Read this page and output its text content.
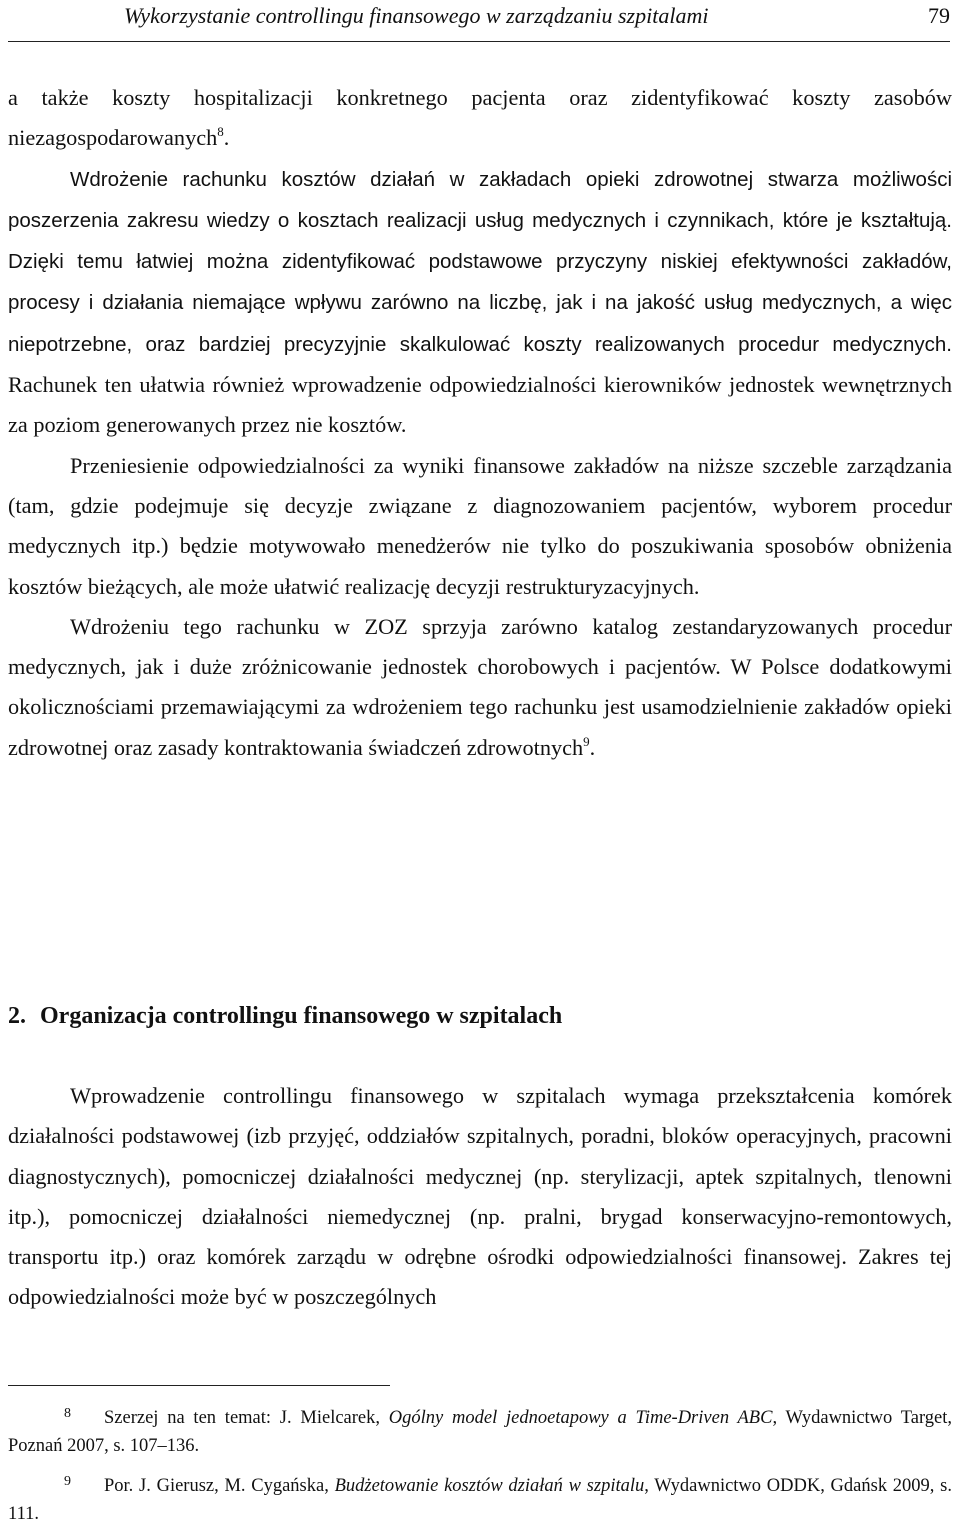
Wykorzystanie controllingu finansowego w zarządzaniu szpitalami	79

a także koszty hospitalizacji konkretnego pacjenta oraz zidentyfikować koszty zasobów niezagospodarowanych$^8$.

Wdrożenie rachunku kosztów działań w zakładach opieki zdrowotnej stwarza możliwości poszerzenia zakresu wiedzy o kosztach realizacji usług medycznych i czynnikach, które je kształtują. Dzięki temu łatwiej można zidentyfikować podstawowe przyczyny niskiej efektywności zakładów, procesy i działania niemające wpływu zarówno na liczbę, jak i na jakość usług medycznych, a więc niepotrzebne, oraz bardziej precyzyjnie skalkulować koszty realizowanych procedur medycznych. Rachunek ten ułatwia również wprowadzenie odpowiedzialności kierowników jednostek wewnętrznych za poziom generowanych przez nie kosztów.

Przeniesienie odpowiedzialności za wyniki finansowe zakładów na niższe szczeble zarządzania (tam, gdzie podejmuje się decyzje związane z diagnozowaniem pacjentów, wyborem procedur medycznych itp.) będzie motywowało menedżerów nie tylko do poszukiwania sposobów obniżenia kosztów bieżących, ale może ułatwić realizację decyzji restrukturyzacyjnych.

Wdrożeniu tego rachunku w ZOZ sprzyja zarówno katalog zestandaryzowanych procedur medycznych, jak i duże zróżnicowanie jednostek chorobowych i pacjentów. W Polsce dodatkowymi okolicznościami przemawiającymi za wdrożeniem tego rachunku jest usamodzielnienie zakładów opieki zdrowotnej oraz zasady kontraktowania świadczeń zdrowotnych$^9$.

2. Organizacja controllingu finansowego w szpitalach

Wprowadzenie controllingu finansowego w szpitalach wymaga przekształcenia komórek działalności podstawowej (izb przyjęć, oddziałów szpitalnych, poradni, bloków operacyjnych, pracowni diagnostycznych), pomocniczej działalności medycznej (np. sterylizacji, aptek szpitalnych, tlenowni itp.), pomocniczej działalności niemedycznej (np. pralni, brygad konserwacyjno-remontowych, transportu itp.) oraz komórek zarządu w odrębne ośrodki odpowiedzialności finansowej. Zakres tej odpowiedzialności może być w poszczególnych

8 Szerzej na ten temat: J. Mielcarek, Ogólny model jednoetapowy a Time-Driven ABC, Wydawnictwo Target, Poznań 2007, s. 107–136.

9 Por. J. Gierusz, M. Cygańska, Budżetowanie kosztów działań w szpitalu, Wydawnictwo ODDK, Gdańsk 2009, s. 111.
